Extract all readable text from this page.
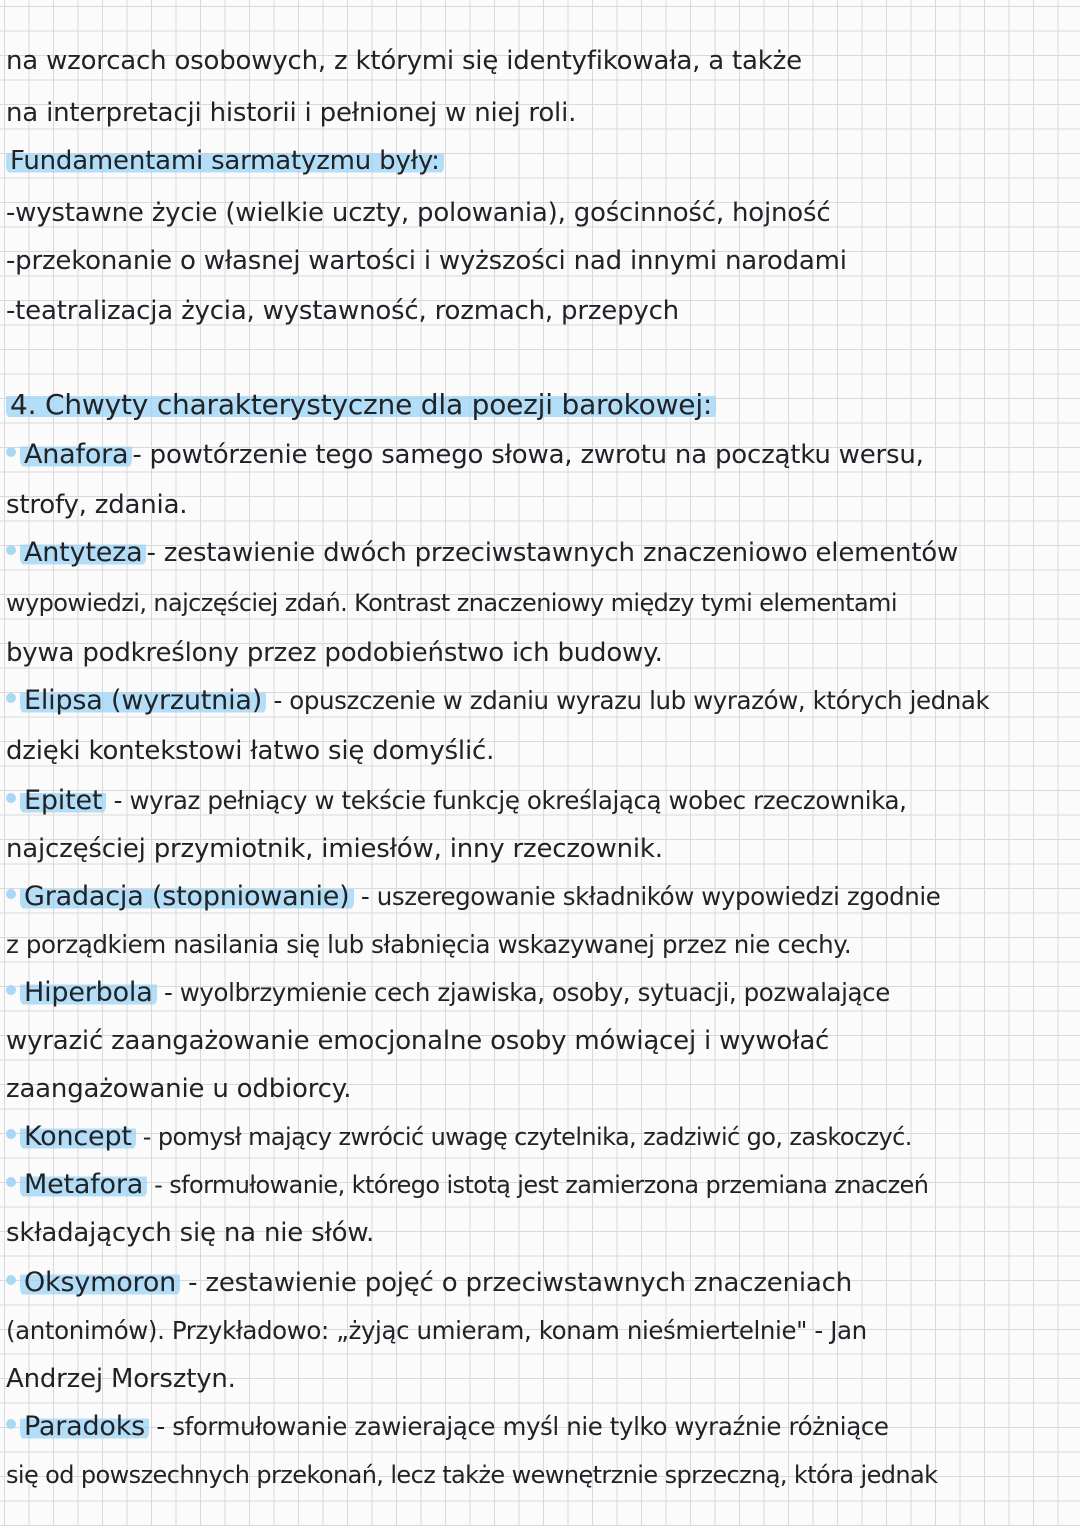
na wzorcach osobowych, z którymi się identyfikowała, a także
na interpretacji historii i pełnionej w niej roli.
Fundamentami sarmatyzmu były:
-wystawne życie (wielkie uczty, polowania), gościnność, hojność
-przekonanie o własnej wartości i wyższości nad innymi narodami
-teatralizacja życia, wystawność, rozmach, przepych
4. Chwyty charakterystyczne dla poezji barokowej:
Anafora - powtórzenie tego samego słowa, zwrotu na początku wersu,
strofy, zdania.
Antyteza - zestawienie dwóch przeciwstawnych znaczeniowo elementów
wypowiedzi, najczęściej zdań. Kontrast znaczeniowy między tymi elementami
bywa podkreślony przez podobieństwo ich budowy.
Elipsa (wyrzutnia) - opuszczenie w zdaniu wyrazu lub wyrazów, których jednak
dzięki kontekstowi łatwo się domyślić.
Epitet - wyraz pełniący w tekście funkcję określającą wobec rzeczownika,
najczęściej przymiotnik, imiesłów, inny rzeczownik.
Gradacja (stopniowanie) - uszeregowanie składników wypowiedzi zgodnie
z porządkiem nasilania się lub słabnięcia wskazywanej przez nie cechy.
Hiperbola - wyolbrzymienie cech zjawiska, osoby, sytuacji, pozwalające
wyrazić zaangażowanie emocjonalne osoby mówiącej i wywołać
zaangażowanie u odbiorcy.
Koncept - pomysł mający zwrócić uwagę czytelnika, zadziwić go, zaskoczyć.
Metafora - sformułowanie, którego istotą jest zamierzona przemiana znaczeń
składających się na nie słów.
Oksymoron - zestawienie pojęć o przeciwstawnych znaczeniach
(antonimów). Przykładowo: „żyjąc umieram, konam nieśmiertelnie" - Jan
Andrzej Morsztyn.
Paradoks - sformułowanie zawierające myśl nie tylko wyraźnie różniące
się od powszechnych przekonań, lecz także wewnętrznie sprzeczną, która jednak
